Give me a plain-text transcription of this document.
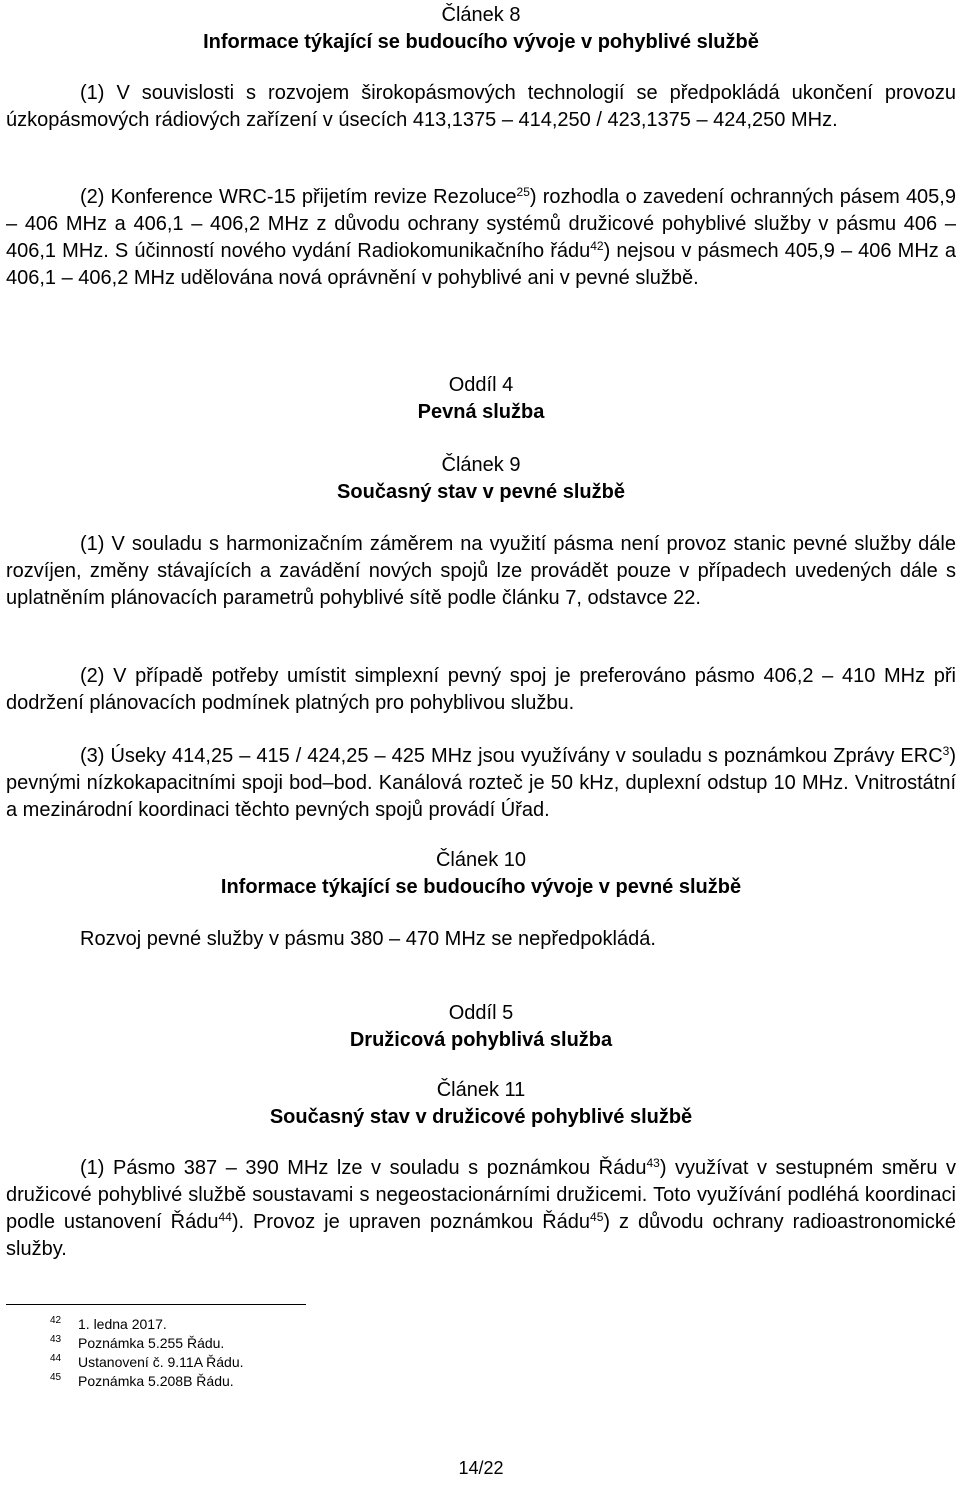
Článek 8
Informace týkající se budoucího vývoje v pohyblivé službě

(1) V souvislosti s rozvojem širokopásmových technologií se předpokládá ukončení provozu úzkopásmových rádiových zařízení v úsecích 413,1375 – 414,250 / 423,1375 – 424,250 MHz.

(2) Konference WRC-15 přijetím revize Rezoluce$^{25}$) rozhodla o zavedení ochranných pásem 405,9 – 406 MHz a 406,1 – 406,2 MHz z důvodu ochrany systémů družicové pohyblivé služby v pásmu 406 – 406,1 MHz. S účinností nového vydání Radiokomunikačního řádu$^{42}$) nejsou v pásmech 405,9 – 406 MHz a 406,1 – 406,2 MHz udělována nová oprávnění v pohyblivé ani v pevné službě.

Oddíl 4
Pevná služba
Článek 9
Současný stav v pevné službě

(1) V souladu s harmonizačním záměrem na využití pásma není provoz stanic pevné služby dále rozvíjen, změny stávajících a zavádění nových spojů lze provádět pouze v případech uvedených dále s uplatněním plánovacích parametrů pohyblivé sítě podle článku 7, odstavce 22.

(2) V případě potřeby umístit simplexní pevný spoj je preferováno pásmo 406,2 – 410 MHz při dodržení plánovacích podmínek platných pro pohyblivou službu.

(3) Úseky 414,25 – 415 / 424,25 – 425 MHz jsou využívány v souladu s poznámkou Zprávy ERC$^3$) pevnými nízkokapacitními spoji bod–bod. Kanálová rozteč je 50 kHz, duplexní odstup 10 MHz. Vnitrostátní a mezinárodní koordinaci těchto pevných spojů provádí Úřad.

Článek 10
Informace týkající se budoucího vývoje v pevné službě

Rozvoj pevné služby v pásmu 380 – 470 MHz se nepředpokládá.

Oddíl 5
Družicová pohyblivá služba
Článek 11
Současný stav v družicové pohyblivé službě

(1) Pásmo 387 – 390 MHz lze v souladu s poznámkou Řádu$^{43}$) využívat v sestupném směru v družicové pohyblivé službě soustavami s negeostacionárními družicemi. Toto využívání podléhá koordinaci podle ustanovení Řádu$^{44}$). Provoz je upraven poznámkou Řádu$^{45}$) z důvodu ochrany radioastronomické služby.

42 1. ledna 2017.
43 Poznámka 5.255 Řádu.
44 Ustanovení č. 9.11A Řádu.
45 Poznámka 5.208B Řádu.
14/22
